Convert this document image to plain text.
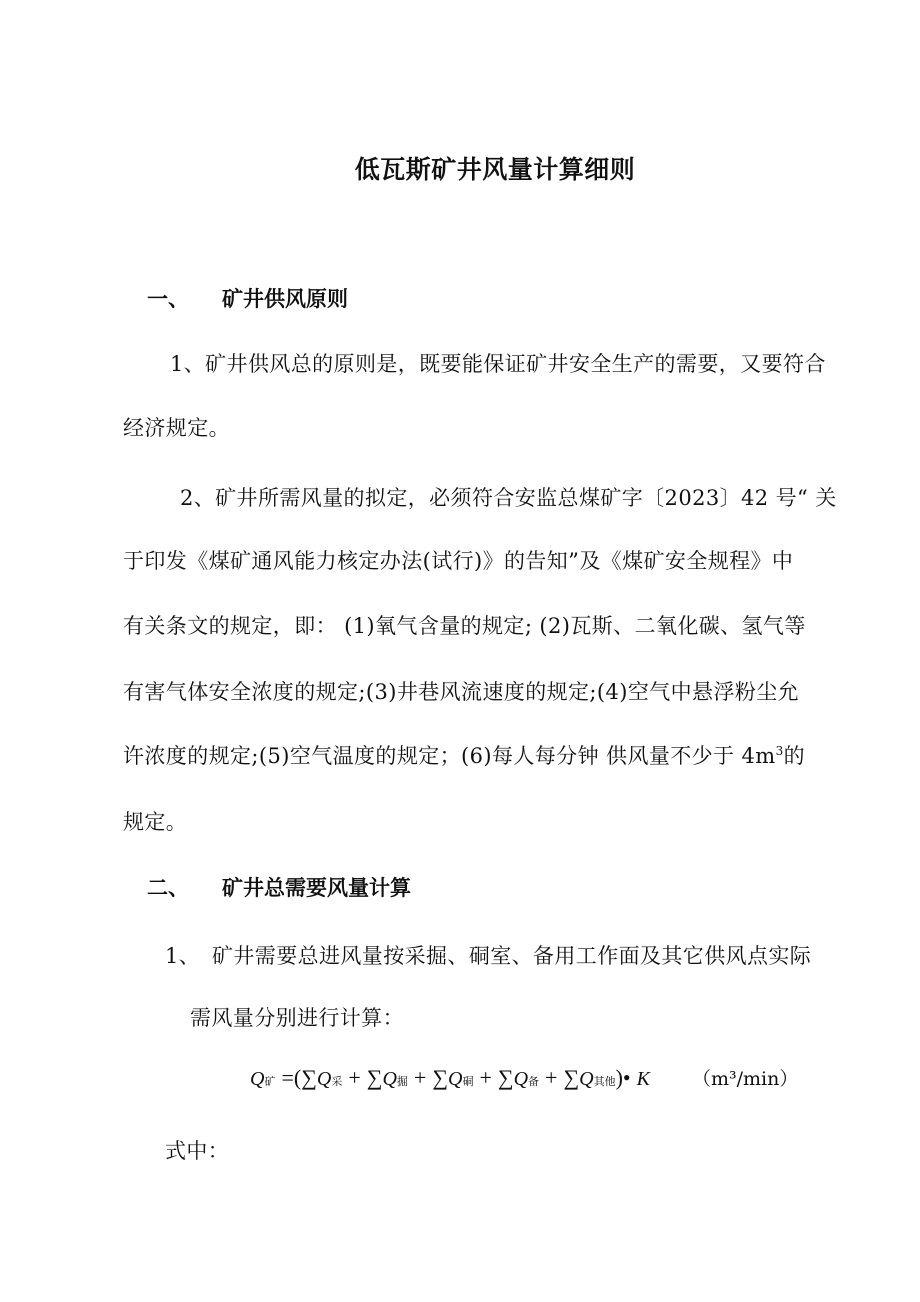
低瓦斯矿井风量计算细则
一、 矿井供风原则
1、矿井供风总的原则是，既要能保证矿井安全生产的需要，又要符合
经济规定。
2、矿井所需风量的拟定，必须符合安监总煤矿字〔2023〕42 号“ 关
于印发《煤矿通风能力核定办法(试行)》的告知”及《煤矿安全规程》中
有关条文的规定，即： (1)氧气含量的规定; (2)瓦斯、二氧化碳、氢气等
有害气体安全浓度的规定;(3)井巷风流速度的规定;(4)空气中悬浮粉尘允
许浓度的规定;(5)空气温度的规定；(6)每人每分钟 供风量不少于 $4m^3$的
规定。
二、 矿井总需要风量计算
1、 矿井需要总进风量按采掘、硐室、备用工作面及其它供风点实际
需风量分别进行计算：
Q 矿 = ( ∑ Q 采 + ∑ Q 掘 + ∑ Q 硐 + ∑ Q 备 + ∑ Q 其他 ) • K （m³/min）
式中：
